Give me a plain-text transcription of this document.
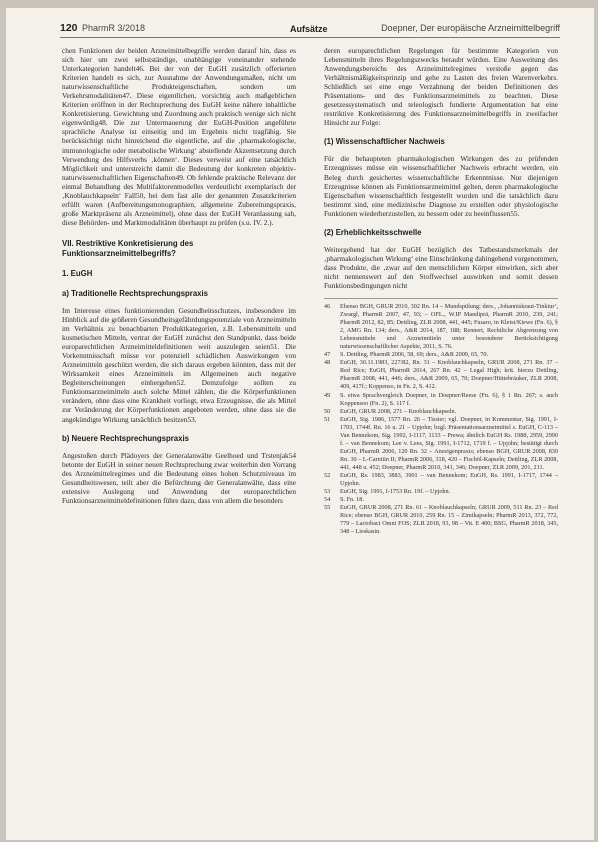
120 PharmR 3/2018	Aufsätze	Doepner, Der europäische Arzneimittelbegriff

chen Funktionen der beiden Arzneimittelbegriffe werden darauf hin, dass es sich hier um zwei selbstständige, unabhängige voneinander stehende Unterkategorien handelt46. Bei der von der EuGH zusätzlich offerierten Kriterien handelt es sich, zur Ausnahme der Anwendungsmaßen, nicht um naturwissenschaftliche Produkteigenschaften, sondern um Verkehrsmodalitäten47. Diese eigentlichen, vorsichtig auch maßgeblichen Kriterien eröffnen in der Rechtsprechung des EuGH keine nähere inhaltliche Konkretisierung. Gewichtung und Zuordnung auch praktisch wenige sich nicht eigenwürdig48. Die zur Untermauerung der EuGH-Position angeführte sprachliche Analyse ist einseitig und im Ergebnis nicht tragfähig. Sie berücksichtigt nicht hinreichend die eigentliche, auf die ‚pharmakologische, immunologische oder metabolische Wirkung‘ abstellende Akzentsetzung durch Verwendung des Hilfsverbs ‚können‘. Dieses verweist auf eine tatsächlich Möglichkeit und unterstreicht damit die Bedeutung der konkreten objektiv-naturwissenschaftlichen Eigenschaften49. Ob fehlende praktische Relevanz der einmal Behandlung des Multifaktorenmodelles verdeutlicht exemplarisch der ‚Knoblauchkapseln‘ Fall50, bei dem fast alle der genannten Zusatzkriterien erfüllt waren (Aufbereitungsmonographien, allgemeine Zubereitungspraxis, große Marktpräsenz als Arzneimittel), ohne dass der EuGH Veranlassung sah, diese Behörden- und Marktmodalitäten überhaupt zu prüfen (s.u. IV. 2.).

VII. Restriktive Konkretisierung des Funktionsarzneimittelbegriffs?
1. EuGH
a) Traditionelle Rechtsprechungspraxis

Im Interesse eines funktionierenden Gesundheitsschutzes, insbesondere im Hinblick auf die größeren Gesundheitsgefährdungspotenziale von Arzneimitteln im Verhältnis zu benachbarten Produktkategorien, z.B. Lebensmitteln und kosmetischen Mitteln, vertrat der EuGH zunächst den Standpunkt, dass beide europarechtlichen Arzneimitteldefinitionen weit auszulegen seien51. Die Vorkenntnisschaft müsse vor potenziell schädlichen Auswirkungen von Arzneimitteln geschützt werden, die sich daraus ergeben könnten, dass mit der Wirksamkeit eines Arzneimittels im Allgemeinen auch negative Begleiterscheinungen einhergehen52. Demzufolge sollten zu Funktionsarzneimitteln auch solche Mittel zählen, die die Körperfunktionen verändern, ohne dass eine Krankheit vorliegt, etwa Erzeugnisse, die als Mittel zur Veränderung der Körperfunktionen angeboten werden, ohne dass sie die angekündigte Wirkung tatsächlich besitzen53.

b) Neuere Rechtsprechungspraxis

Angestoßen durch Plädoyers der Generalanwälte Geelhoed und Trstenjak54 betonte der EuGH in seiner neuen Rechtsprechung zwar weiterhin den Vorrang des Arzneimittelregimes und die Bedeutung eines hohen Schutzniveaus im Gesundheitswesen, teilt aber die Befürchtung der Generalanwälte, dass eine extensive Auslegung und Anwendung der europarechtlichen Funktionsarzneimitteldefinitionen führe dazu, dass von allem die besonders

deren europarechtlichen Regelungen für bestimmte Kategorien von Lebensmitteln ihres Regelungszwecks beraubt würden. Eine Ausweitung des Anwendungsbereichs des Arzneimittelregimes verstoße gegen das Verhältnismäßigkeitsprinzip und gehe zu Lasten des freien Warenverkehrs. Schließlich sei eine enge Verzahnung der beiden Definitionen des Präsentations- und des Funktionsarzneimittels zu beachten. Diese gesetzessystematisch und teleologisch fundierte Argumentation hat eine restriktive Konkretisierung des Funktionsarzneimittelbegriffs in zweifacher Hinsicht zur Folge:

(1) Wissenschaftlicher Nachweis

Für die behaupteten pharmakologischen Wirkungen des zu prüfenden Erzeugnisses müsse ein wissenschaftlicher Nachweis erbracht werden, ein Beleg durch gesichertes wissenschaftliche Erkenntnisse. Nur diejenigen Erzeugnisse können als Funktionsarzneimittel gelten, deren pharmakologische Eigenschaften wissenschaftlich festgestellt wurden und die tatsächlich dazu bestimmt sind, eine medizinische Diagnose zu erstellen oder physiologische Funktionen wiederherzustellen, zu bessern oder zu beeinflussen55.

(2) Erheblichkeitsschwelle

Weitergehend hat der EuGH bezüglich des Tatbestandsmerkmals der ‚pharmakologischen Wirkung‘ eine Einschränkung dahingehend vorgenommen, dass Produkte, die ‚zwar auf den menschlichen Körper einwirken, sich aber nicht nennenswert auf den Stoffwechsel auswirken und somit dessen Funktionsbedingungen nicht

46	Ebenso BGH, GRUR 2010, 302 Rn. 14 – Mundspülung; ders., ‚Johanniskraut-Tinktur‘, Zwargl, PharmR 2007, 47, 93; – OFL., W.IP Mandiprä, PharmR 2010, 239, 241; PharmR 2012, 82, 85; Dettling, ZLR 2008, 441, 445; Fusaro, in Kleist/Kiewe (Fn. 6), § 2, AMG Rn. 134; ders., A&R 2014, 187, 188; Rennert, Rechtliche Abgrenzung von Lebensmitteln und Arzneimitteln unter besonderer Berücksichtigung naturwissenschaftlicher Aspekte, 2011, S. 76.
47	S. Dettling, PharmR 2006, 58, 69; ders., A&R 2009, 65, 70.
48	EuGH, 30.11.1983, 227/82, Rn. 31 – Knoblauchkapseln, GRUR 2008, 271 Rn. 37 – Red Rice; EuGH, PharmR 2014, 267 Rn. 42 – Legal High; krit. hierzu Dettling, PharmR 2008, 441, 446; ders., A&R 2009, 65, 70; Doepner/Hüttebräuker, ZLR 2008, 409, 417f.; Koppenso, in Fn. 2, S. 412.
49	S. etwa Sprachvergleich Doepner, in Doepner/Reese (Fn. 6), § 1 Rn. 267; s. auch Koppensoo (Fn. 2), S. 117 f.
50	EuGH, GRUR 2008, 271 – Knoblauchkapseln.
51	EuGH, Sig. 1986, 1577 Rn. 26 – Tissier; vgl. Doepner, in Kommentar, Sig. 1991, I-1703, 1744f. Rn. 16 u. 21 – Upjohn; bzgl. Präsentationsarzneimittel s. EuGH, C-113 – Van Bennekom, Sig. 1992, I-1117, 1133 – Prewa; ähnlich EuGH Rs. 1988, 2959, 2990 f. – van Bennekom; Lee v. Lees, Sig. 1991, I-1712, 1719 f. – Upjohn; bestätigt durch EuGH, PharmR 2006, 120 Rn. 32 – Anzeigenpraxis; ebenso BGH, GRUR 2008, 830 Rn. 30 – L-Carnitin II; PharmR 2006, 318, 420 – Fischöl-Kapseln; Dettling, ZLR 2008, 441, 448 u. 452; Doepner, PharmR 2010, 341, 346; Doepner, ZLR 2009, 201, 211.
52	EuGH, Rs. 1983, 3883, 3901 – van Bennekom; EuGH, Rs. 1991, I-1717, 1744 – Upjohn.
53	EuGH, Sig. 1991, I-1753 Rn. 19f. – Upjohn.
54	S. Fn. 18.
55	EuGH, GRUR 2008, 271 Rn. 61 – Knoblauchkapseln; GRUR 2009, 511 Rn. 23 – Red Rice; ebenso BGH, GRUR 2010, 259 Rn. 15 – Zimtkapseln; PharmR 2013, 372, 772, 779 – Lactobact Omni FOS; ZLR 2018, 93, 98 – Vit. E 400; BSG, PharmR 2018, 345, 348 – Lieskasin.
